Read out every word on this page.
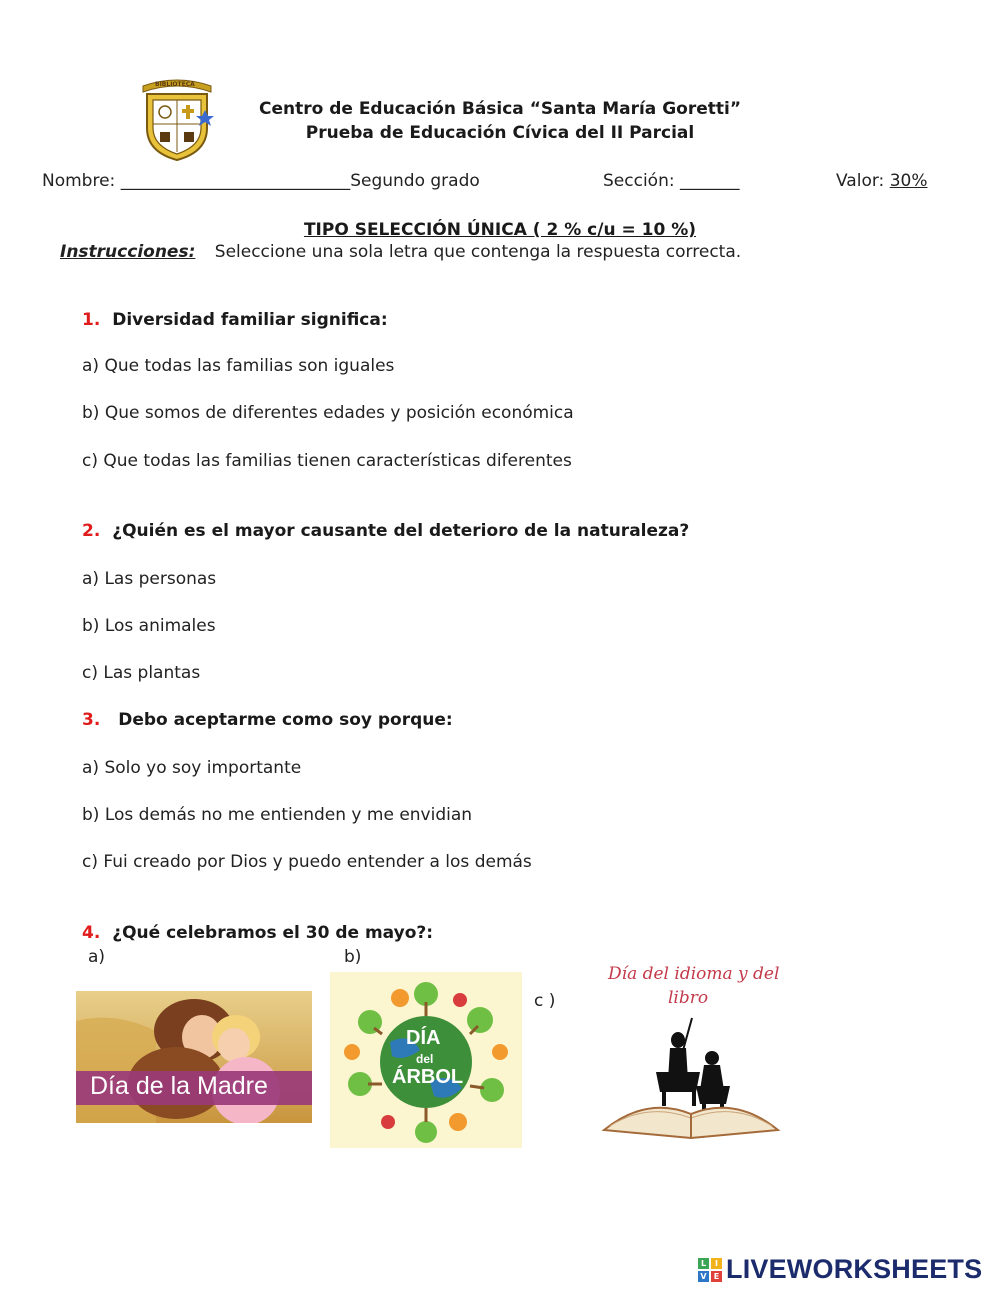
BIBLIOTECA
Centro de Educación Básica “Santa María Goretti”
Prueba de Educación Cívica del II Parcial
Nombre: ___________________________Segundo grado	Sección: _______	Valor: 30%
TIPO SELECCIÓN ÚNICA ( 2 % c/u = 10 %)
Instrucciones: Seleccione una sola letra que contenga la respuesta correcta.
1. Diversidad familiar significa:
a) Que todas las familias son iguales
b) Que somos de diferentes edades y posición económica
c) Que todas las familias tienen características diferentes
2. ¿Quién es el mayor causante del deterioro de la naturaleza?
a) Las personas
b) Los animales
c) Las plantas
3. Debo aceptarme como soy porque:
a) Solo yo soy importante
b) Los demás no me entienden y me envidian
c) Fui creado por Dios y puedo entender a los demás
4. ¿Qué celebramos el 30 de mayo?:
a)	b)
c )
Día de la Madre
DÍA
del
ÁRBOL
Día del idioma y del
libro
L	I
V E LIVEWORKSHEETS
